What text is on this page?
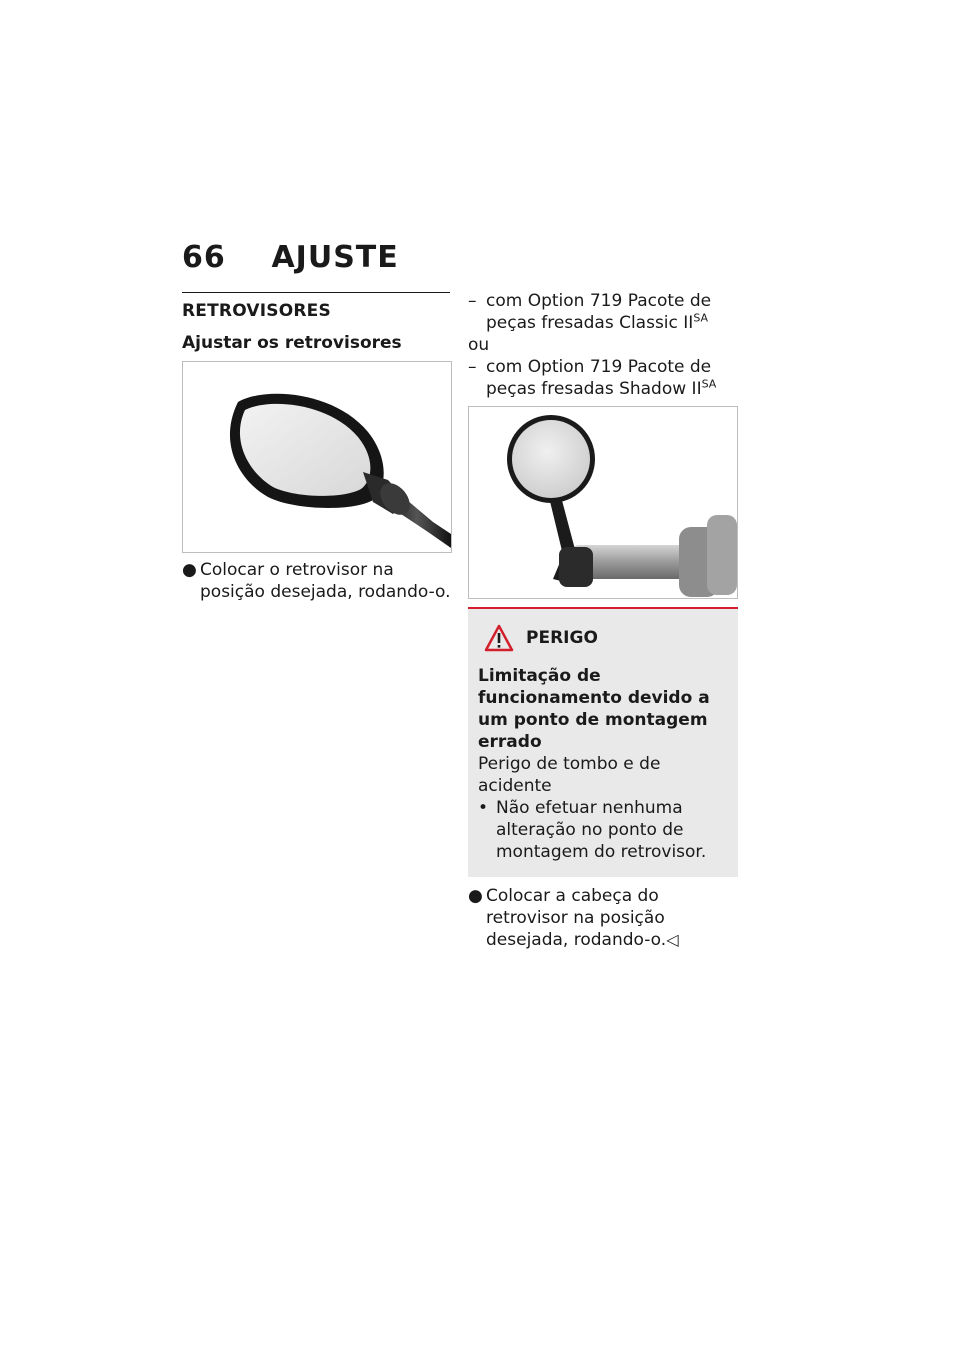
66 AJUSTE
RETROVISORES
Ajustar os retrovisores
● Colocar o retrovisor na posição desejada, rodando-o.
– com Option 719 Pacote de peças fresadas Classic $II^{SA}$
ou
– com Option 719 Pacote de peças fresadas Shadow $II^{SA}$
PERIGO
Limitação de funcionamento devido a um ponto de montagem errado
Perigo de tombo e de acidente
• Não efetuar nenhuma alteração no ponto de montagem do retrovisor.
● Colocar a cabeça do retrovisor na posição desejada, rodando-o.◁
